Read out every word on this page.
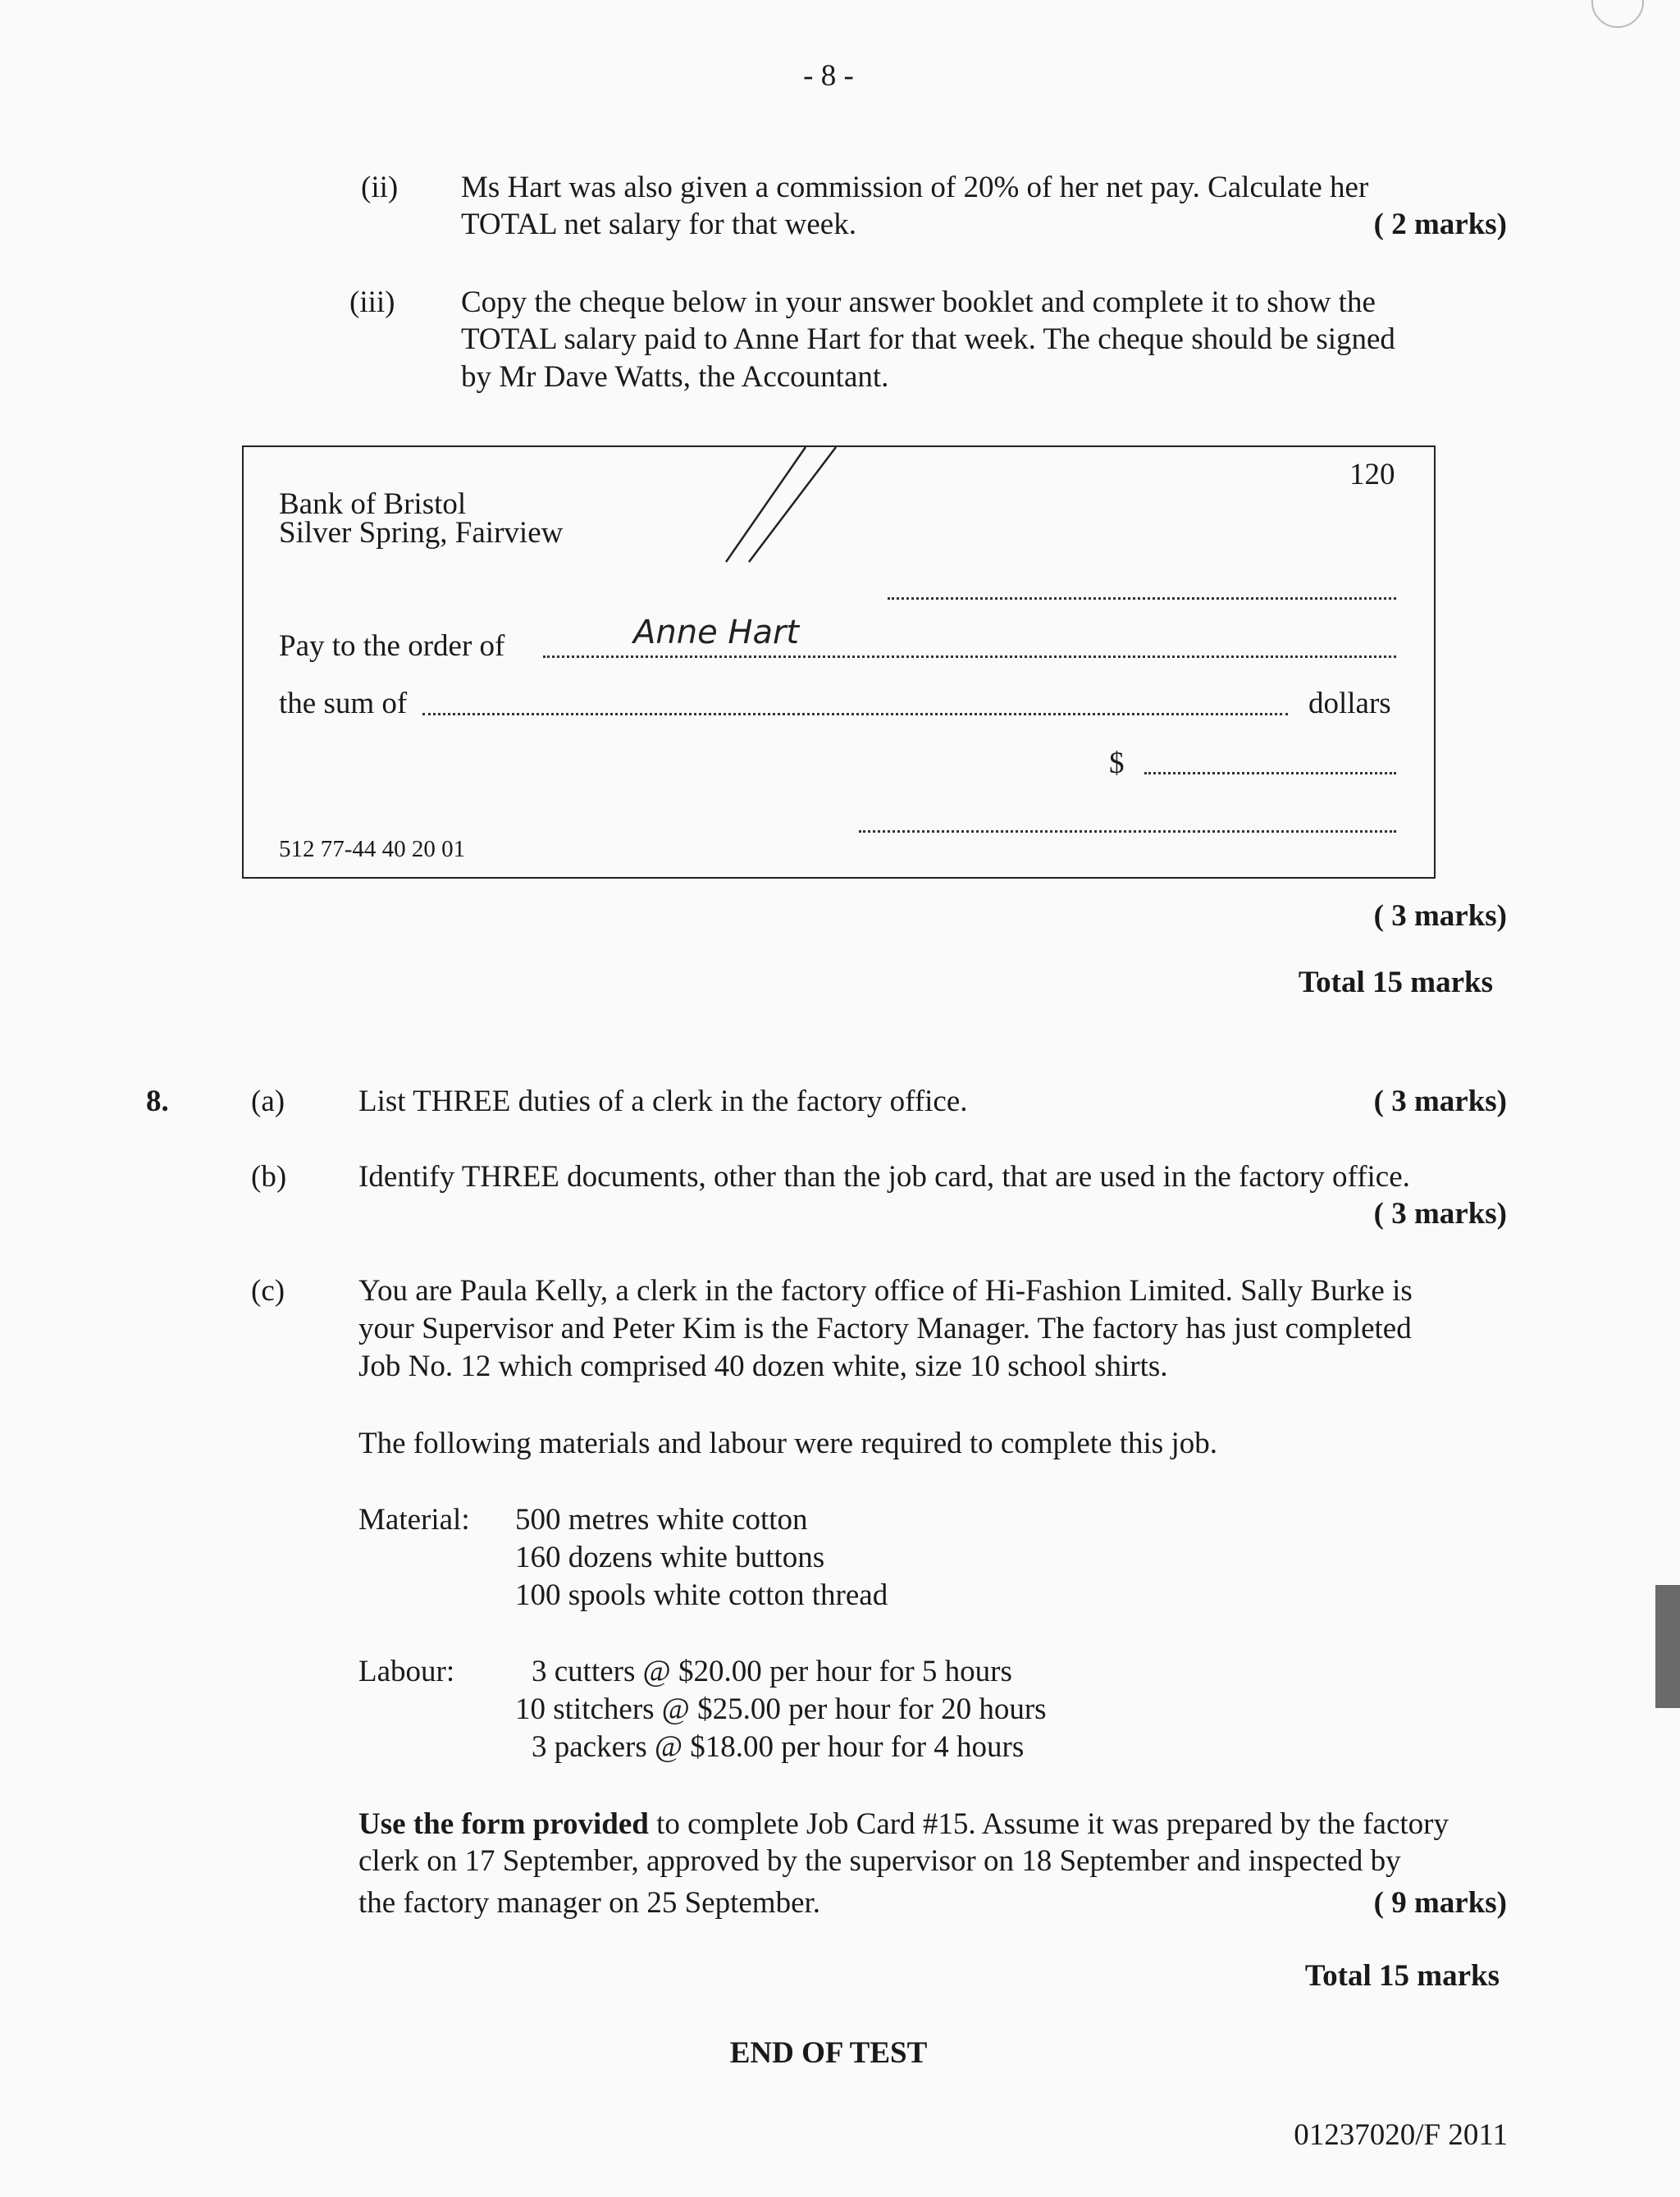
- 8 -
(ii) Ms Hart was also given a commission of 20% of her net pay. Calculate her
TOTAL net salary for that week.	( 2 marks)
(iii) Copy the cheque below in your answer booklet and complete it to show the
TOTAL salary paid to Anne Hart for that week. The cheque should be signed
by Mr Dave Watts, the Accountant.
120
Bank of Bristol
Silver Spring, Fairview
Pay to the order of	Anne Hart
the sum of	dollars
$
512 77-44 40 20 01
( 3 marks)
Total 15 marks
8.	(a) List THREE duties of a clerk in the factory office.	( 3 marks)
(b) Identify THREE documents, other than the job card, that are used in the factory office.
( 3 marks)
(c) You are Paula Kelly, a clerk in the factory office of Hi-Fashion Limited. Sally Burke is
your Supervisor and Peter Kim is the Factory Manager. The factory has just completed
Job No. 12 which comprised 40 dozen white, size 10 school shirts.
The following materials and labour were required to complete this job.
Material: 500 metres white cotton
160 dozens white buttons
100 spools white cotton thread
Labour:	3 cutters @ $20.00 per hour for 5 hours
10 stitchers @ $25.00 per hour for 20 hours
3 packers @ $18.00 per hour for 4 hours
Use the form provided to complete Job Card #15. Assume it was prepared by the factory
clerk on 17 September, approved by the supervisor on 18 September and inspected by
the factory manager on 25 September.	( 9 marks)
Total 15 marks
END OF TEST
01237020/F 2011
